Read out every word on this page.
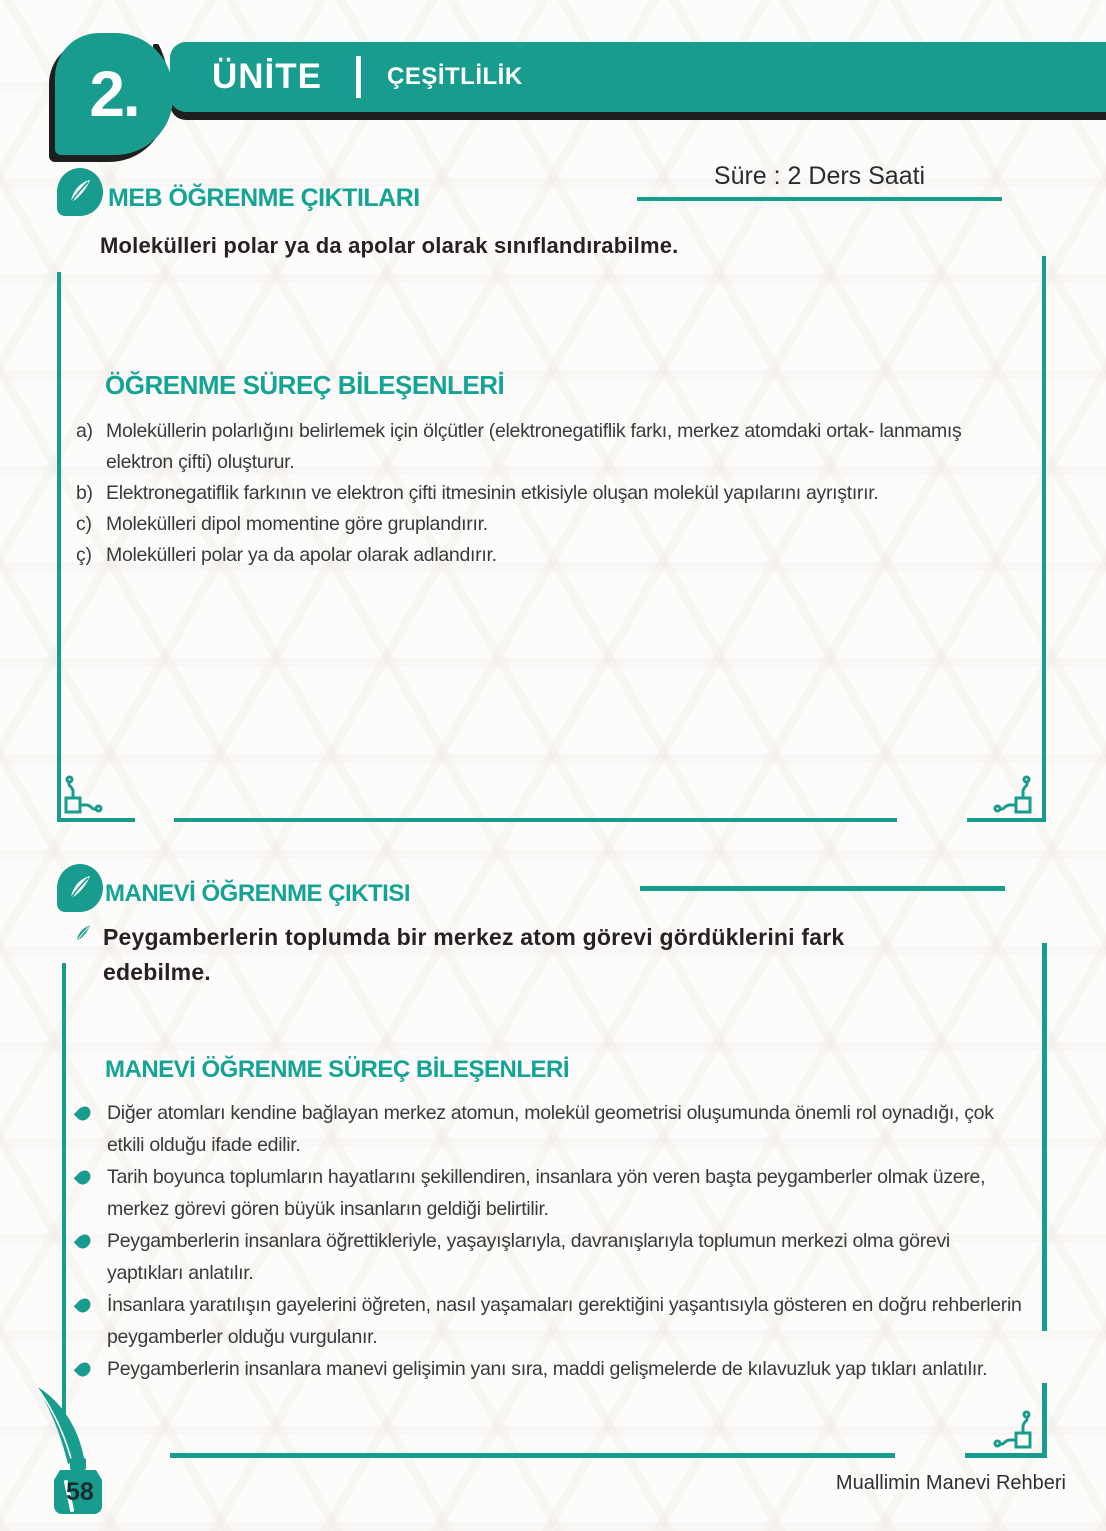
2. ÜNİTE	ÇEŞİTLİLİK
Süre : 2 Ders Saati
MEB ÖĞRENME ÇIKTILARI
Molekülleri polar ya da apolar olarak sınıflandırabilme.
ÖĞRENME SÜREÇ BİLEŞENLERİ
a) Moleküllerin polarlığını belirlemek için ölçütler (elektronegatiflik farkı, merkez atomdaki ortak- lanmamış elektron çifti) oluşturur.
b) Elektronegatiflik farkının ve elektron çifti itmesinin etkisiyle oluşan molekül yapılarını ayrıştırır.
c) Molekülleri dipol momentine göre gruplandırır.
ç) Molekülleri polar ya da apolar olarak adlandırır.
MANEVİ ÖĞRENME ÇIKTISI
Peygamberlerin toplumda bir merkez atom görevi gördüklerini fark edebilme.
MANEVİ ÖĞRENME SÜREÇ BİLEŞENLERİ
Diğer atomları kendine bağlayan merkez atomun, molekül geometrisi oluşumunda önemli rol oynadığı, çok etkili olduğu ifade edilir.
Tarih boyunca toplumların hayatlarını şekillendiren, insanlara yön veren başta peygamberler olmak üzere, merkez görevi gören büyük insanların geldiği belirtilir.
Peygamberlerin insanlara öğrettikleriyle, yaşayışlarıyla, davranışlarıyla toplumun merkezi olma görevi yaptıkları anlatılır.
İnsanlara yaratılışın gayelerini öğreten, nasıl yaşamaları gerektiğini yaşantısıyla gösteren en doğru rehberlerin peygamberler olduğu vurgulanır.
Peygamberlerin insanlara manevi gelişimin yanı sıra, maddi gelişmelerde de kılavuzluk yap tıkları anlatılır.
58	Muallimin Manevi Rehberi
